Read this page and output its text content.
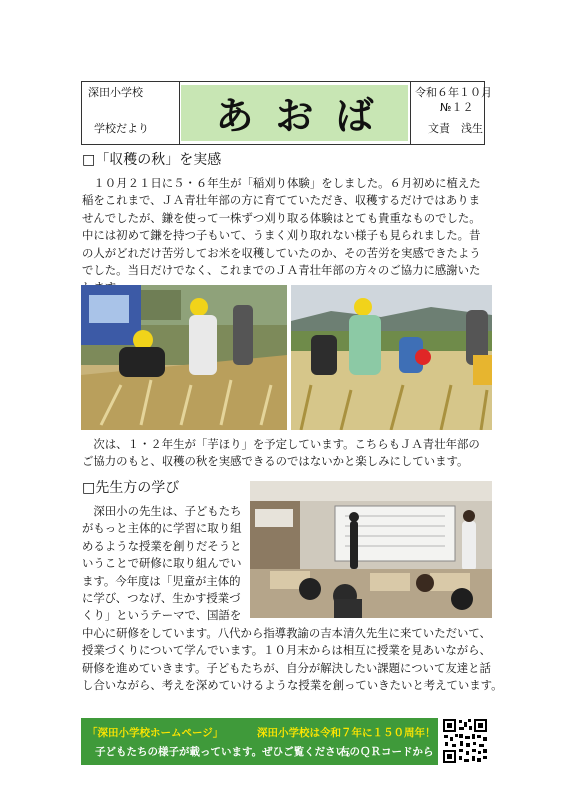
深田小学校
学校だより	あおば
令和６年１０月
№１２
文責　浅生
□「収穫の秋」を実感

　１０月２１日に５・６年生が「稲刈り体験」をしました。６月初めに植えた稲をこれまで、ＪＡ青壮年部の方に育てていただき、収穫するだけではありませんでしたが、鎌を使って一株ずつ刈り取る体験はとても貴重なものでした。中には初めて鎌を持つ子もいて、うまく刈り取れない様子も見られました。昔の人がどれだけ苦労してお米を収穫していたのか、その苦労を実感できたようでした。当日だけでなく、これまでのＪＡ青壮年部の方々のご協力に感謝いた

　次は、１・２年生が「芋ほり」を予定しています。こちらもＪＡ青壮年部のご協力のもと、収穫の秋を実感できるのではないかと楽しみにしています。

□先生方の学び
　深田小の先生は、子どもたち
がもっと主体的に学習に取り組
めるような授業を創りだそうと
いうことで研修に取り組んでい
ます。今年度は「児童が主体的
に学び、つなげ、生かす授業づ
くり」というテーマで、国語を
中心に研修をしています。八代から指導教諭の吉本清久先生に来ていただいて、
授業づくりについて学んでいます。１０月末からは相互に授業を見あいながら、
研修を進めていきます。子どもたちが、自分が解決したい課題について友達と話
し合いながら、考えを深めていけるような授業を創っていきたいと考えています。
「深田小学校ホームページ」	深田小学校は令和７年に１５０周年！
子どもたちの様子が載っています。ぜひご覧ください。
右のＱＲコードから
